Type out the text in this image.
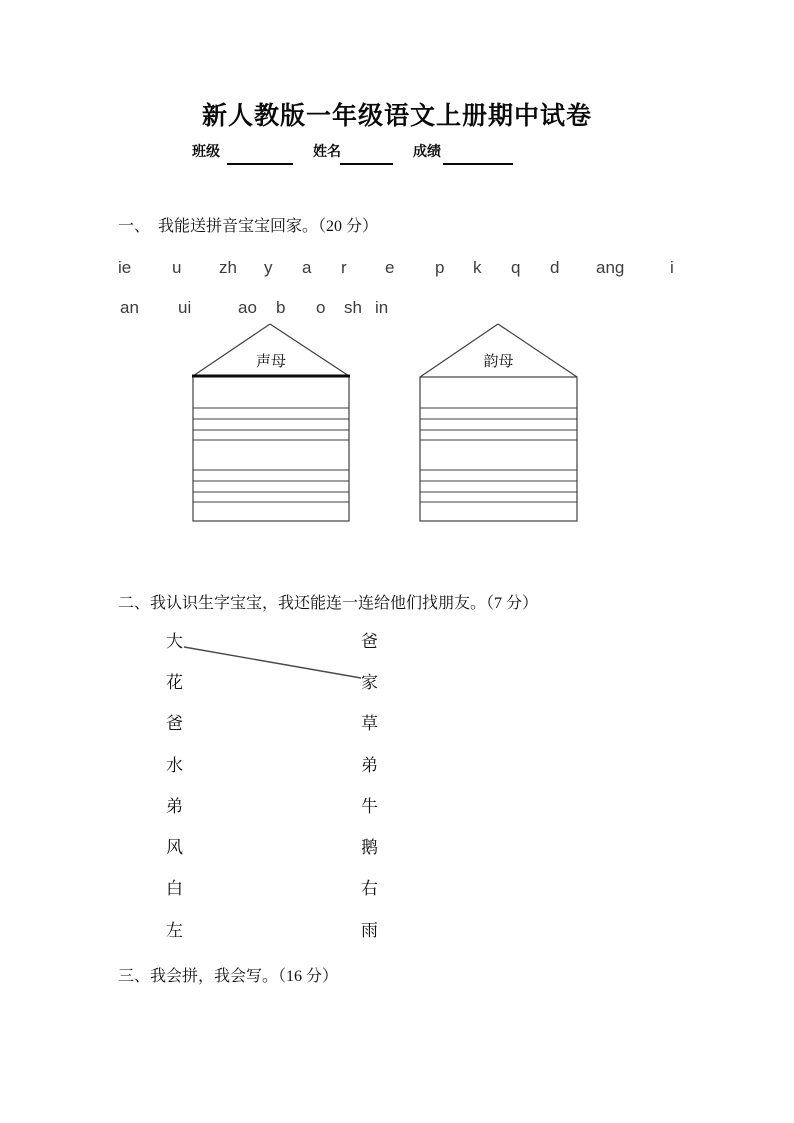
新人教版一年级语文上册期中试卷
班级	姓名	成绩
一、　我能送拼音宝宝回家。（20 分）
ie u zh y a r e p k q d ang	i
an ui	ao b o sh in
声母	韵母
二、我认识生字宝宝，我还能连一连给他们找朋友。（7 分）
大
花
爸
水
弟
风
白
左
爸
家
草
弟
牛
鹅
右
雨
三、我会拼，我会写。（16 分）
